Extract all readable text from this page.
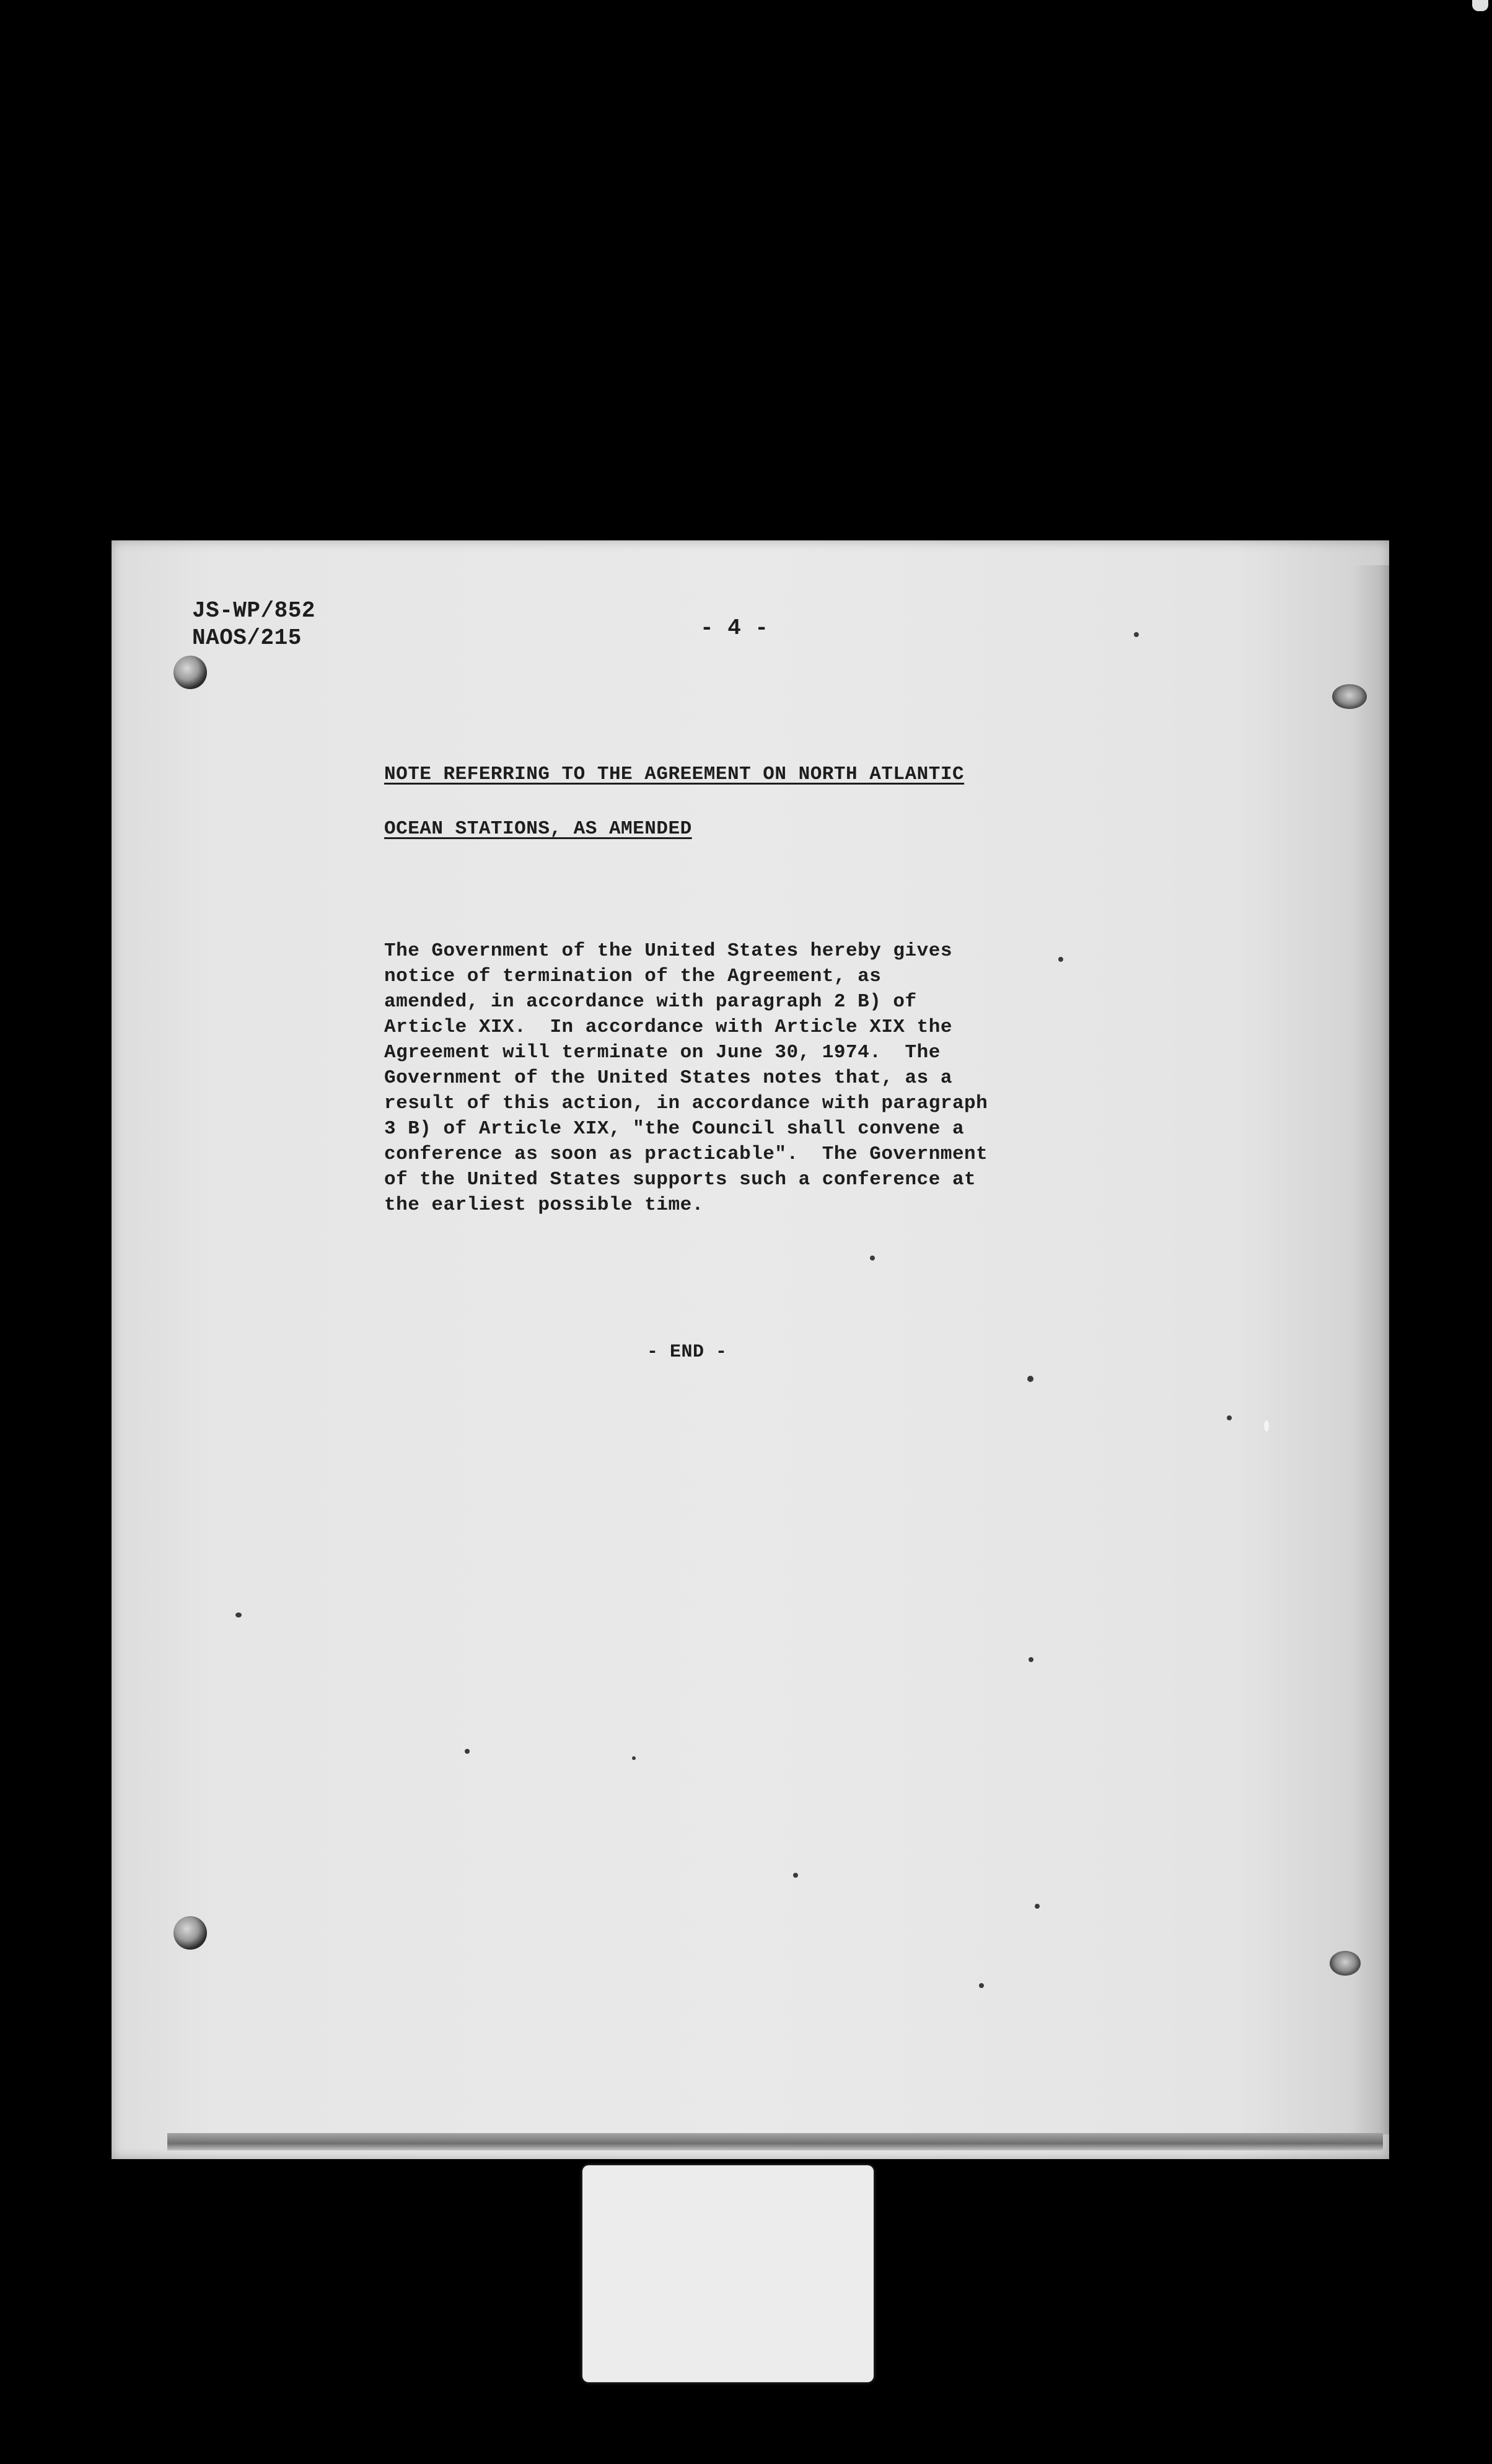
JS-WP/852
NAOS/215	- 4 -
NOTE REFERRING TO THE AGREEMENT ON NORTH ATLANTIC
OCEAN STATIONS, AS AMENDED
The Government of the United States hereby gives
notice of termination of the Agreement, as
amended, in accordance with paragraph 2 B) of
Article XIX.  In accordance with Article XIX the
Agreement will terminate on June 30, 1974.  The
Government of the United States notes that, as a
result of this action, in accordance with paragraph
3 B) of Article XIX, "the Council shall convene a
conference as soon as practicable".  The Government
of the United States supports such a conference at
the earliest possible time.
- END -
